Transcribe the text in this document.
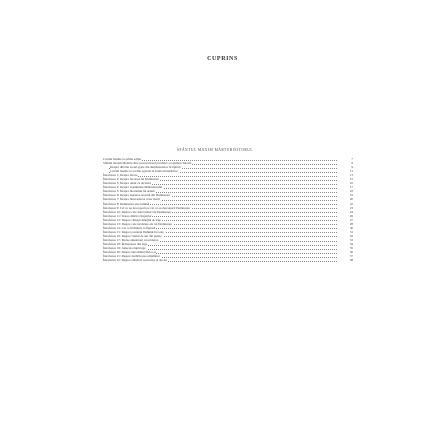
CUPRINS
SFÂNTUL MAXIM MĂRTURISITORUL
Cuvânt înainte la prima ediție	7
Sfântul monah Maxim către preacuviosul presbiter și egumen Talasie	9
Despre diferite locuri grele din dumnezeiasca Scriptură	9
Cuvânt înainte la scolile agerale în forma întrebărilor	11
Întrebarea 1: Despre afecte	13
Întrebarea 2: Despre lucrarea lui Dumnezeu	15
Întrebarea 3: Despre omul cu ulciorul	16
Întrebarea 4: Despre veșmintele Mântuitorului	17
Întrebarea 5: Despre blestemul lui Adam	18
Întrebarea 6: Despre nașterea noastră din Dumnezeu	19
Întrebarea 7: Despre binevestirea celor morți	20
Întrebarea 8: Dumnezeu este lumină	22
Întrebarea 9: Cei ce au descoperit pe cei ce au descoperit Dumnezeu	23
Întrebarea 10: Despre cele două temeri de Dumnezeu	24
Întrebarea 11: Starea dintâi a îngerilor	26
Întrebarea 12: Despre cămașa mânjită de trup	27
Întrebarea 13: Despre cele nevăzute ale lui Dumnezeu	28
Întrebarea 14: Cei ce închinare la făptură	30
Întrebarea 15: Despre prezența Duhului în toate	31
Întrebarea 16: Despre vițelul de aur din pustie	32
Întrebarea 17: Moise amenințat cu uciderea	33
Întrebarea 18: Îndreptarea din lege	34
Întrebarea 19: Judecata după lege	35
Întrebarea 20: Despre smochinul fără rod	36
Întrebarea 21: Despre dezbrăcarea stăpânilor	37
Întrebarea 22: Despre sfârșitul veacurilor și ale lui	38
